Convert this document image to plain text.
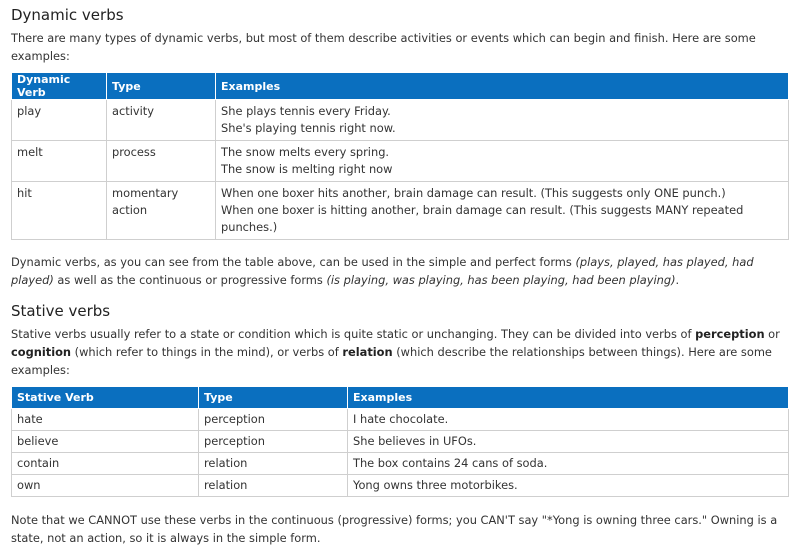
Dynamic verbs

There are many types of dynamic verbs, but most of them describe activities or events which can begin and finish. Here are some examples:

Dynamic Verb	Type	Examples
play	activity	She plays tennis every Friday.
She's playing tennis right now.

melt	process	The snow melts every spring.
The snow is melting right now

hit	momentary action	When one boxer hits another, brain damage can result. (This suggests only ONE punch.)
When one boxer is hitting another, brain damage can result. (This suggests MANY repeated punches.)

Dynamic verbs, as you can see from the table above, can be used in the simple and perfect forms (plays, played, has played, had played) as well as the continuous or progressive forms (is playing, was playing, has been playing, had been playing).

Stative verbs

Stative verbs usually refer to a state or condition which is quite static or unchanging. They can be divided into verbs of perception or cognition (which refer to things in the mind), or verbs of relation (which describe the relationships between things). Here are some examples:

Stative Verb	Type	Examples
hate	perception	I hate chocolate.
believe	perception	She believes in UFOs.
contain	relation	The box contains 24 cans of soda.
own	relation	Yong owns three motorbikes.

Note that we CANNOT use these verbs in the continuous (progressive) forms; you CAN'T say "*Yong is owning three cars." Owning is a state, not an action, so it is always in the simple form.
